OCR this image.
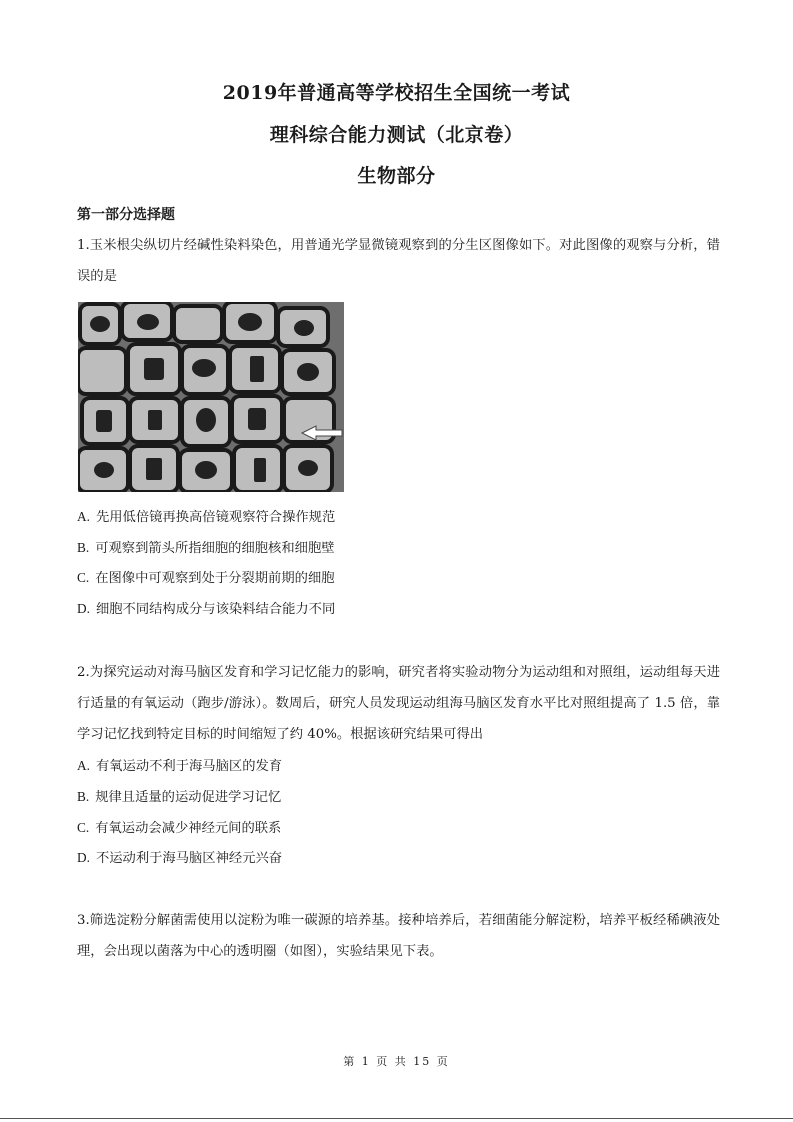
2019年普通高等学校招生全国统一考试
理科综合能力测试（北京卷）
生物部分
第一部分选择题
1.玉米根尖纵切片经碱性染料染色，用普通光学显微镜观察到的分生区图像如下。对此图像的观察与分析，错误的是
A. 先用低倍镜再换高倍镜观察符合操作规范
B. 可观察到箭头所指细胞的细胞核和细胞壁
C. 在图像中可观察到处于分裂期前期的细胞
D. 细胞不同结构成分与该染料结合能力不同
2.为探究运动对海马脑区发育和学习记忆能力的影响，研究者将实验动物分为运动组和对照组，运动组每天进行适量的有氧运动（跑步/游泳）。数周后，研究人员发现运动组海马脑区发育水平比对照组提高了 1.5 倍，靠学习记忆找到特定目标的时间缩短了约 40%。根据该研究结果可得出
A. 有氧运动不利于海马脑区的发育
B. 规律且适量的运动促进学习记忆
C. 有氧运动会减少神经元间的联系
D. 不运动利于海马脑区神经元兴奋
3.筛选淀粉分解菌需使用以淀粉为唯一碳源的培养基。接种培养后，若细菌能分解淀粉，培养平板经稀碘液处理，会出现以菌落为中心的透明圈（如图），实验结果见下表。
第 1 页 共 15 页
